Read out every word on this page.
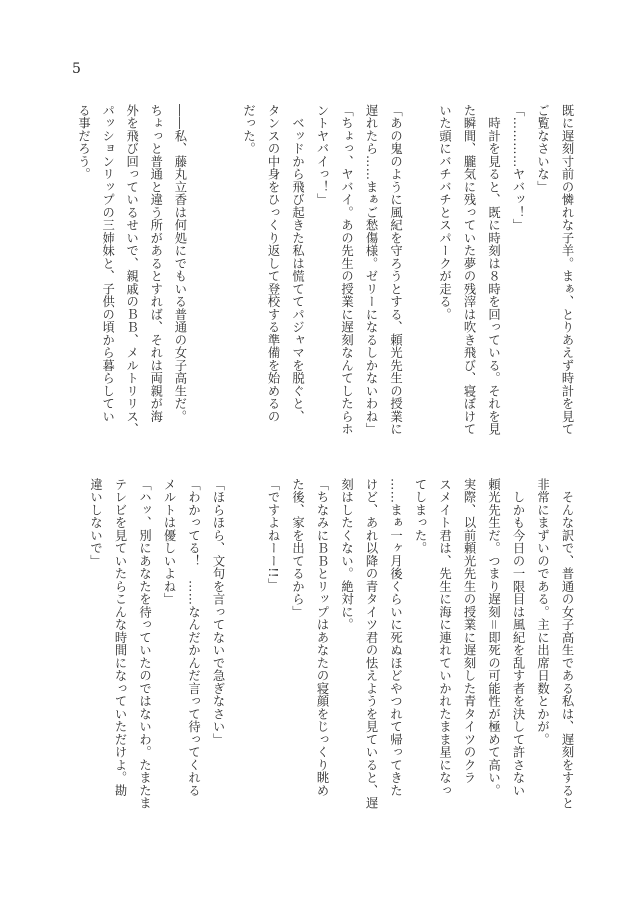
5
既に遅刻寸前の憐れな子羊。まぁ、とりあえず時計を見て
ご覧なさいな」
「…………ヤバッ！」
　時計を見ると、既に時刻は８時を回っている。それを見
た瞬間、朧気に残っていた夢の残滓は吹き飛び、寝ぼけて
いた頭にバチバチとスパークが走る。
「あの鬼のように風紀を守ろうとする、頼光先生の授業に
遅れたら……まぁご愁傷様。ゼリーになるしかないわね」
「ちょっ、ヤバイ。あの先生の授業に遅刻なんてしたらホ
ントヤバイっ！」
　ベッドから飛び起きた私は慌ててパジャマを脱ぐと、
タンスの中身をひっくり返して登校する準備を始めるの
だった。
――私、藤丸立香は何処にでもいる普通の女子高生だ。
ちょっと普通と違う所があるとすれば、それは両親が海
外を飛び回っているせいで、親戚のＢＢ、メルトリリス、
パッションリップの三姉妹と、子供の頃から暮らしてい
る事だろう。
　そんな訳で、普通の女子高生である私は、遅刻をすると
非常にまずいのである。主に出席日数とかが。
　しかも今日の一限目は風紀を乱す者を決して許さない
頼光先生だ。つまり遅刻＝即死の可能性が極めて高い。
実際、以前頼光先生の授業に遅刻した青タイツのクラ
スメイト君は、先生に海に連れていかれたまま星になっ
てしまった。
……まぁ一ヶ月後くらいに死ぬほどやつれて帰ってきた
けど、あれ以降の青タイツ君の怯えようを見ていると、遅
刻はしたくない。絶対に。
「ちなみにＢＢとリップはあなたの寝顔をじっくり眺め
た後、家を出てるから」
「ですよねーー!!」
「ほらほら、文句を言ってないで急ぎなさい」
「わかってる！　……なんだかんだ言って待ってくれる
メルトは優しいよね」
「ハッ、別にあなたを待っていたのではないわ。たまたま
テレビを見ていたらこんな時間になっていただけよ。勘
違いしないで」
